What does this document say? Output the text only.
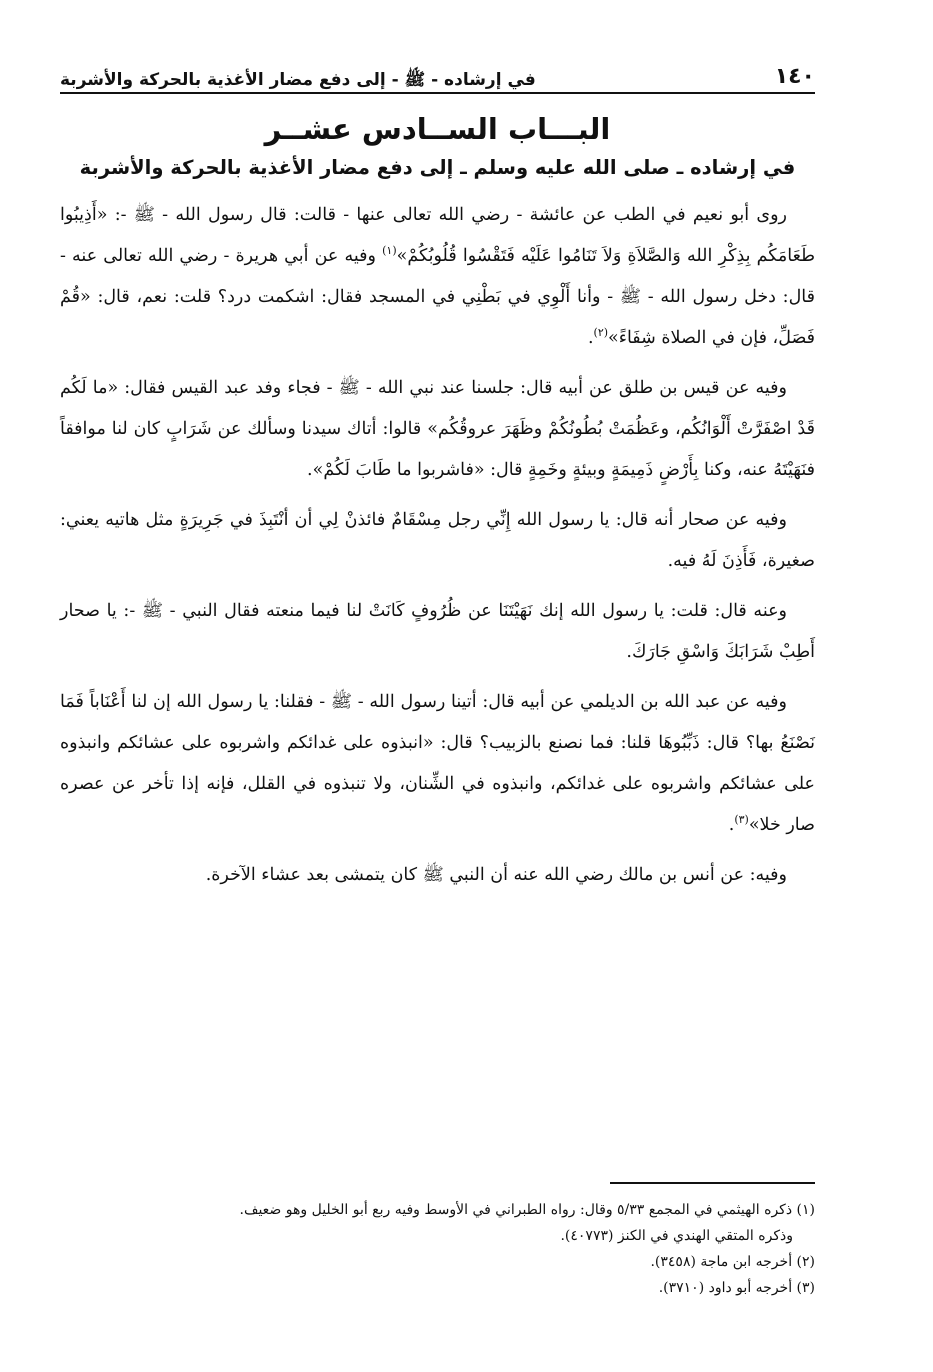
١٤٠
في إرشاده - ﷺ - إلى دفع مضار الأغذية بالحركة والأشربة
البـــاب الســادس عشــر
في إرشاده ـ صلى الله عليه وسلم ـ إلى دفع مضار الأغذية بالحركة والأشربة

روى أبو نعيم في الطب عن عائشة - رضي الله تعالى عنها - قالت: قال رسول الله - ﷺ -: «أَذِيبُوا طَعَامَكُم بِذِكْرِ الله وَالصَّلاَةِ وَلاَ تَنَامُوا عَلَيْه فَتَقْسُوا قُلُوبُكُمْ»$^{(١)}$ وفيه عن أبي هريرة - رضي الله تعالى عنه - قال: دخل رسول الله - ﷺ - وأنا أَلْوِي في بَطْنِي في المسجد فقال: اشكمت درد؟ قلت: نعم، قال: «قُمْ فَصَلِّ، فإن في الصلاة شِفَاءً»$^{(٢)}$.

وفيه عن قيس بن طلق عن أبيه قال: جلسنا عند نبي الله - ﷺ - فجاء وفد عبد القيس فقال: «ما لَكُم قَدْ اصْفَرَّتْ أَلْوَانُكُم، وعَظُمَتْ بُطُونُكُمْ وظَهَرَ عروقُكُم» قالوا: أتاك سيدنا وسألك عن شَرَابٍ كان لنا موافقاً فنَهَيْتَهُ عنه، وكنا بِأَرْضٍ ذَمِيمَةٍ وبيئةٍ وخَمِةٍ قال: «فاشربوا ما طَابَ لَكُمْ».

وفيه عن صحار أنه قال: يا رسول الله إِنِّي رجل مِسْقَامٌ فائذنْ لِي أن أنْتَبِذَ في جَرِيرَةٍ مثل هاتيه يعني: صغيرة، فَأَذِنَ لَهُ فيه.

وعنه قال: قلت: يا رسول الله إنك نَهَيْتَنَا عن ظُرُوفٍ كَانَتْ لنا فيما منعته فقال النبي - ﷺ -: يا صحار أَطِبْ شَرَابَكَ وَاسْقِ جَارَكَ.

وفيه عن عبد الله بن الديلمي عن أبيه قال: أتينا رسول الله - ﷺ - فقلنا: يا رسول الله إن لنا أَعْنَاباً فَمَا نَصْنَعُ بها؟ قال: ذَبِّبُوهَا قلنا: فما نصنع بالزبيب؟ قال: «انبذوه على غدائكم واشربوه على عشائكم وانبذوه على عشائكم واشربوه على غدائكم، وانبذوه في الشِّنان، ولا تنبذوه في القلل، فإنه إذا تأخر عن عصره صار خلا»$^{(٣)}$.

وفيه: عن أنس بن مالك رضي الله عنه أن النبي ﷺ كان يتمشى بعد عشاء الآخرة.

(١) ذكره الهيثمي في المجمع ٥/٣٣ وقال: رواه الطبراني في الأوسط وفيه ربع أبو الخليل وهو ضعيف.

وذكره المتقي الهندي في الكنز (٤٠٧٧٣).

(٢) أخرجه ابن ماجة (٣٤٥٨).

(٣) أخرجه أبو داود (٣٧١٠).
